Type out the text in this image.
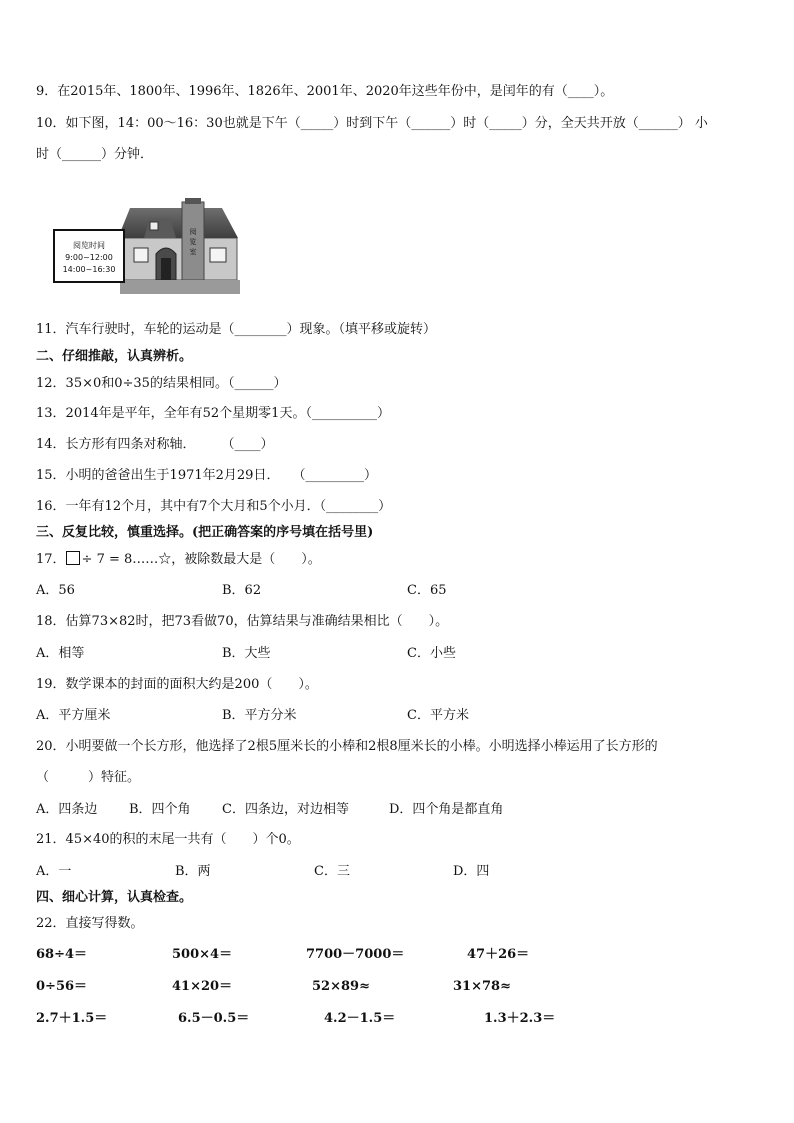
9．在2015年、1800年、1996年、1826年、2001年、2020年这些年份中，是闰年的有（____）。
10．如下图，14：00～16：30也就是下午（_____）时到下午（______）时（_____）分，全天共开放（______） 小
时（______）分钟．
阅
览
室
阅览时间
9:00~12:00
14:00~16:30
11．汽车行驶时，车轮的运动是（________）现象。（填平移或旋转）
二、仔细推敲，认真辨析。
12．35×0和0÷35的结果相同。（______）
13．2014年是平年，全年有52个星期零1天。（__________）
14．长方形有四条对称轴．　　　（____）
15．小明的爸爸出生于1971年2月29日．　　（_________）
16．一年有12个月，其中有7个大月和5个小月．（________）
三、反复比较，慎重选择。(把正确答案的序号填在括号里)
17． ÷ 7 = 8……☆，被除数最大是（　　）。
A．56	B．62	C．65
18．估算73×82时，把73看做70，估算结果与准确结果相比（　　）。
A．相等	B．大些	C．小些
19．数学课本的封面的面积大约是200（　　）。
A．平方厘米	B．平方分米	C．平方米
20．小明要做一个长方形，他选择了2根5厘米长的小棒和2根8厘米长的小棒。小明选择小棒运用了长方形的
（　　　）特征。
A．四条边 B．四个角 C．四条边，对边相等	D．四个角是都直角
21．45×40的积的末尾一共有（　　）个0。
A．一	B．两	C．三	D．四
四、细心计算，认真检查。
22．直接写得数。
68÷4＝	500×4＝	7700－7000＝	47＋26＝
0÷56＝	41×20＝	52×89≈	31×78≈
2.7＋1.5＝	6.5－0.5＝	4.2－1.5＝	1.3＋2.3＝
